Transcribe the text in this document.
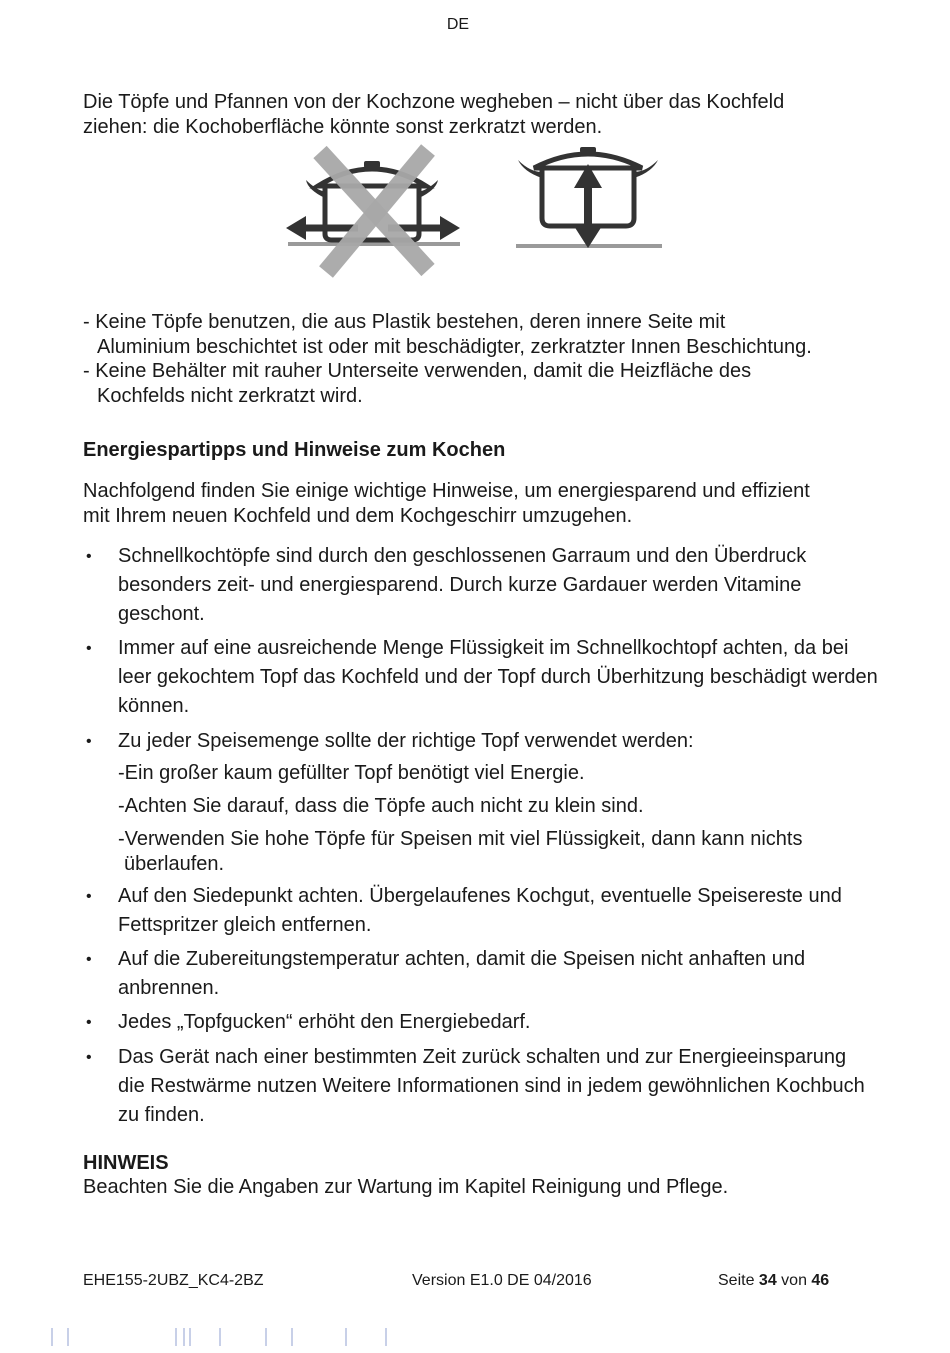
DE
Die Töpfe und Pfannen von der Kochzone wegheben – nicht über das Kochfeld
ziehen: die Kochoberfläche könnte sonst zerkratzt werden.
- Keine Töpfe benutzen, die aus Plastik bestehen, deren innere Seite mit
Aluminium beschichtet ist oder mit beschädigter, zerkratzter Innen Beschichtung.
- Keine Behälter mit rauher Unterseite verwenden, damit die Heizfläche des
Kochfelds nicht zerkratzt wird.
Energiespartipps und Hinweise zum Kochen
Nachfolgend finden Sie einige wichtige Hinweise, um energiesparend und effizient
mit Ihrem neuen Kochfeld und dem Kochgeschirr umzugehen.
• Schnellkochtöpfe sind durch den geschlossenen Garraum und den Überdruck besonders zeit- und energiesparend. Durch kurze Gardauer werden Vitamine geschont.
• Immer auf eine ausreichende Menge Flüssigkeit im Schnellkochtopf achten, da bei leer gekochtem Topf das Kochfeld und der Topf durch Überhitzung beschädigt werden können.
• Zu jeder Speisemenge sollte der richtige Topf verwendet werden:
-Ein großer kaum gefüllter Topf benötigt viel Energie.
-Achten Sie darauf, dass die Töpfe auch nicht zu klein sind.
-Verwenden Sie hohe Töpfe für Speisen mit viel Flüssigkeit, dann kann nichts
überlaufen.
• Auf den Siedepunkt achten. Übergelaufenes Kochgut, eventuelle Speisereste und Fettspritzer gleich entfernen.
• Auf die Zubereitungstemperatur achten, damit die Speisen nicht anhaften und anbrennen.
• Jedes „Topfgucken“ erhöht den Energiebedarf.
• Das Gerät nach einer bestimmten Zeit zurück schalten und zur Energieeinsparung die Restwärme nutzen Weitere Informationen sind in jedem gewöhnlichen Kochbuch zu finden.
HINWEIS
Beachten Sie die Angaben zur Wartung im Kapitel Reinigung und Pflege.
EHE155-2UBZ_KC4-2BZ	Version E1.0 DE 04/2016	Seite 34 von 46
